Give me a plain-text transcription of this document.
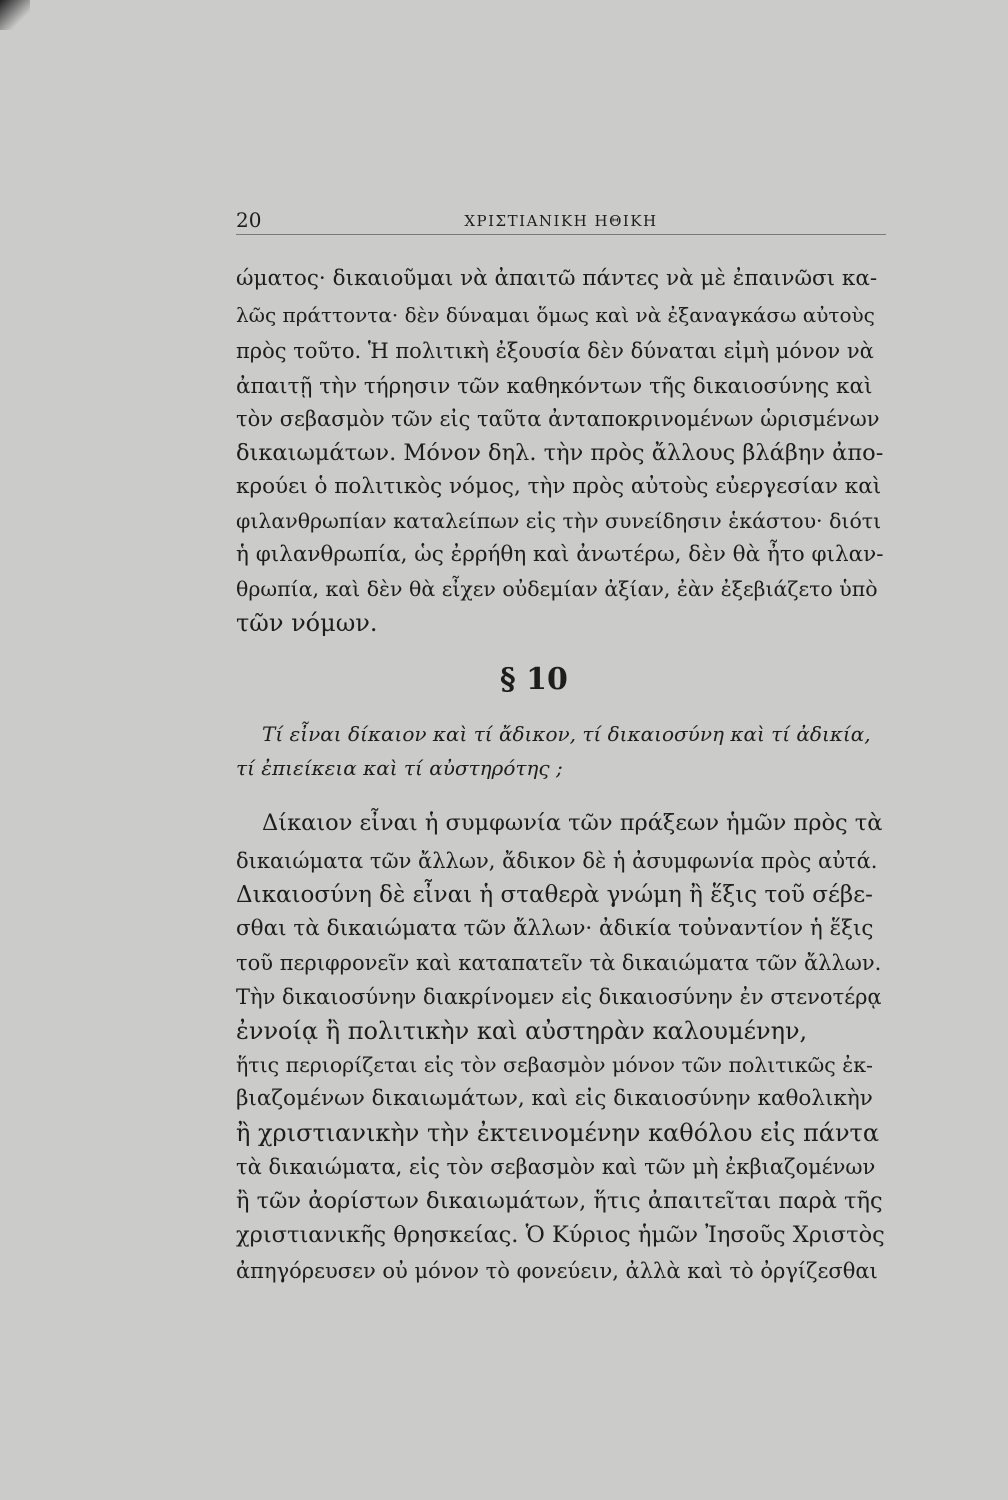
20	ΧΡΙΣΤΙΑΝΙΚΗ ΗΘΙΚΗ
ώματος· δικαιοῦμαι νὰ ἀπαιτῶ πάντες νὰ μὲ ἐπαινῶσι κα-
λῶς πράττοντα· δὲν δύναμαι ὅμως καὶ νὰ ἐξαναγκάσω αὐτοὺς
πρὸς τοῦτο. Ἡ πολιτικὴ ἐξουσία δὲν δύναται εἰμὴ μόνον νὰ
ἀπαιτῇ τὴν τήρησιν τῶν καθηκόντων τῆς δικαιοσύνης καὶ
τὸν σεβασμὸν τῶν εἰς ταῦτα ἀνταποκρινομένων ὡρισμένων
δικαιωμάτων. Μόνον δηλ. τὴν πρὸς ἄλλους βλάβην ἀπο-
κρούει ὁ πολιτικὸς νόμος, τὴν πρὸς αὐτοὺς εὐεργεσίαν καὶ
φιλανθρωπίαν καταλείπων εἰς τὴν συνείδησιν ἑκάστου· διότι
ἡ φιλανθρωπία, ὡς ἐρρήθη καὶ ἀνωτέρω, δὲν θὰ ἦτο φιλαν-
θρωπία, καὶ δὲν θὰ εἶχεν οὐδεμίαν ἀξίαν, ἐὰν ἐξεβιάζετο ὑπὸ
τῶν νόμων.
§ 10
Τί εἶναι δίκαιον καὶ τί ἄδικον, τί δικαιοσύνη καὶ τί ἀδικία,
τί ἐπιείκεια καὶ τί αὐστηρότης ;
Δίκαιον εἶναι ἡ συμφωνία τῶν πράξεων ἡμῶν πρὸς τὰ
δικαιώματα τῶν ἄλλων, ἄδικον δὲ ἡ ἀσυμφωνία πρὸς αὐτά.
Δικαιοσύνη δὲ εἶναι ἡ σταθερὰ γνώμη ἢ ἕξις τοῦ σέβε-
σθαι τὰ δικαιώματα τῶν ἄλλων· ἀδικία τοὐναντίον ἡ ἕξις
τοῦ περιφρονεῖν καὶ καταπατεῖν τὰ δικαιώματα τῶν ἄλλων.
Τὴν δικαιοσύνην διακρίνομεν εἰς δικαιοσύνην ἐν στενοτέρᾳ
ἐννοίᾳ ἢ πολιτικὴν καὶ αὐστηρὰν καλουμένην,
ἥτις περιορίζεται εἰς τὸν σεβασμὸν μόνον τῶν πολιτικῶς ἐκ-
βιαζομένων δικαιωμάτων, καὶ εἰς δικαιοσύνην καθολικὴν
ἢ χριστιανικὴν τὴν ἐκτεινομένην καθόλου εἰς πάντα
τὰ δικαιώματα, εἰς τὸν σεβασμὸν καὶ τῶν μὴ ἐκβιαζομένων
ἢ τῶν ἀορίστων δικαιωμάτων, ἥτις ἀπαιτεῖται παρὰ τῆς
χριστιανικῆς θρησκείας. Ὁ Κύριος ἡμῶν Ἰησοῦς Χριστὸς
ἀπηγόρευσεν οὐ μόνον τὸ φονεύειν, ἀλλὰ καὶ τὸ ὀργίζεσθαι
